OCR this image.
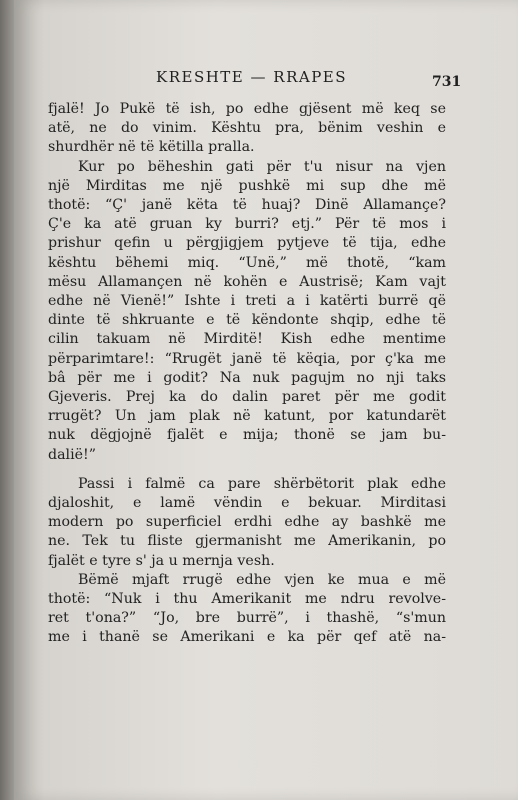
KRESHTE — RRAPES	731
fjalë! Jo Pukë të ish, po edhe gjësent më keq se
atë, ne do vinim. Kështu pra, bënim veshin e
shurdhër në të këtilla pralla.
Kur po bëheshin gati për t'u nisur na vjen
një Mirditas me një pushkë mi sup dhe më
thotë: “Ç' janë këta të huaj? Dinë Allamançe?
Ç'e ka atë gruan ky burri? etj.” Për të mos i
prishur qefin u përgjigjem pytjeve të tija, edhe
kështu bëhemi miq. “Unë,” më thotë, “kam
mësu Allamançen në kohën e Austrisë; Kam vajt
edhe në Vienë!” Ishte i treti a i katërti burrë që
dinte të shkruante e të këndonte shqip, edhe të
cilin takuam në Mirditë! Kish edhe mentime
përparimtare!: “Rrugët janë të këqia, por ç'ka me
bâ për me i godit? Na nuk pagujm no nji taks
Gjeveris. Prej ka do dalin paret për me godit
rrugët? Un jam plak në katunt, por katundarët
nuk dëgjojnë fjalët e mija; thonë se jam bu-
dalië!”
Passi i falmë ca pare shërbëtorit plak edhe
djaloshit, e lamë vëndin e bekuar. Mirditasi
modern po superficiel erdhi edhe ay bashkë me
ne. Tek tu fliste gjermanisht me Amerikanin, po
fjalët e tyre s' ja u mernja vesh.
Bëmë mjaft rrugë edhe vjen ke mua e më
thotë: “Nuk i thu Amerikanit me ndru revolve-
ret t'ona?” “Jo, bre burrë”, i thashë, “s'mun
me i thanë se Amerikani e ka për qef atë na-
